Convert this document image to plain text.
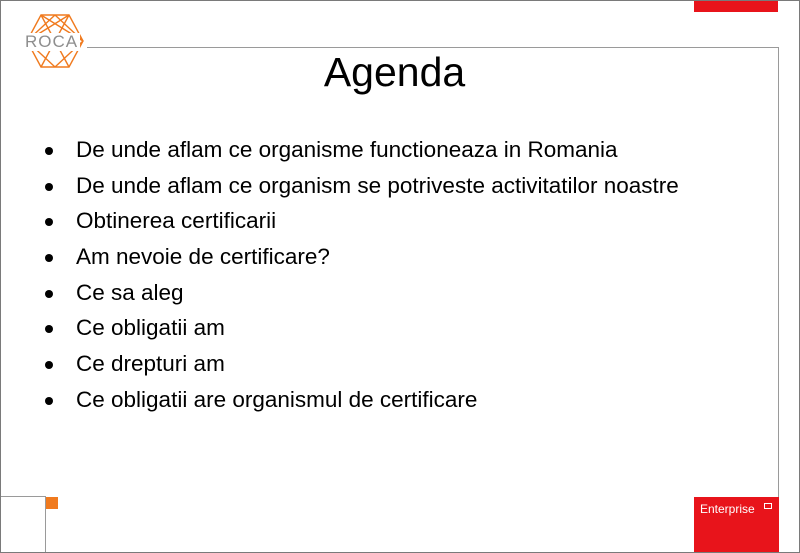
ROCA
Agenda
De unde aflam ce organisme functioneaza in Romania
De unde aflam ce organism se potriveste activitatilor noastre
Obtinerea certificarii
Am nevoie de certificare?
Ce sa aleg
Ce obligatii am
Ce drepturi am
Ce obligatii are organismul de certificare
Enterprise
